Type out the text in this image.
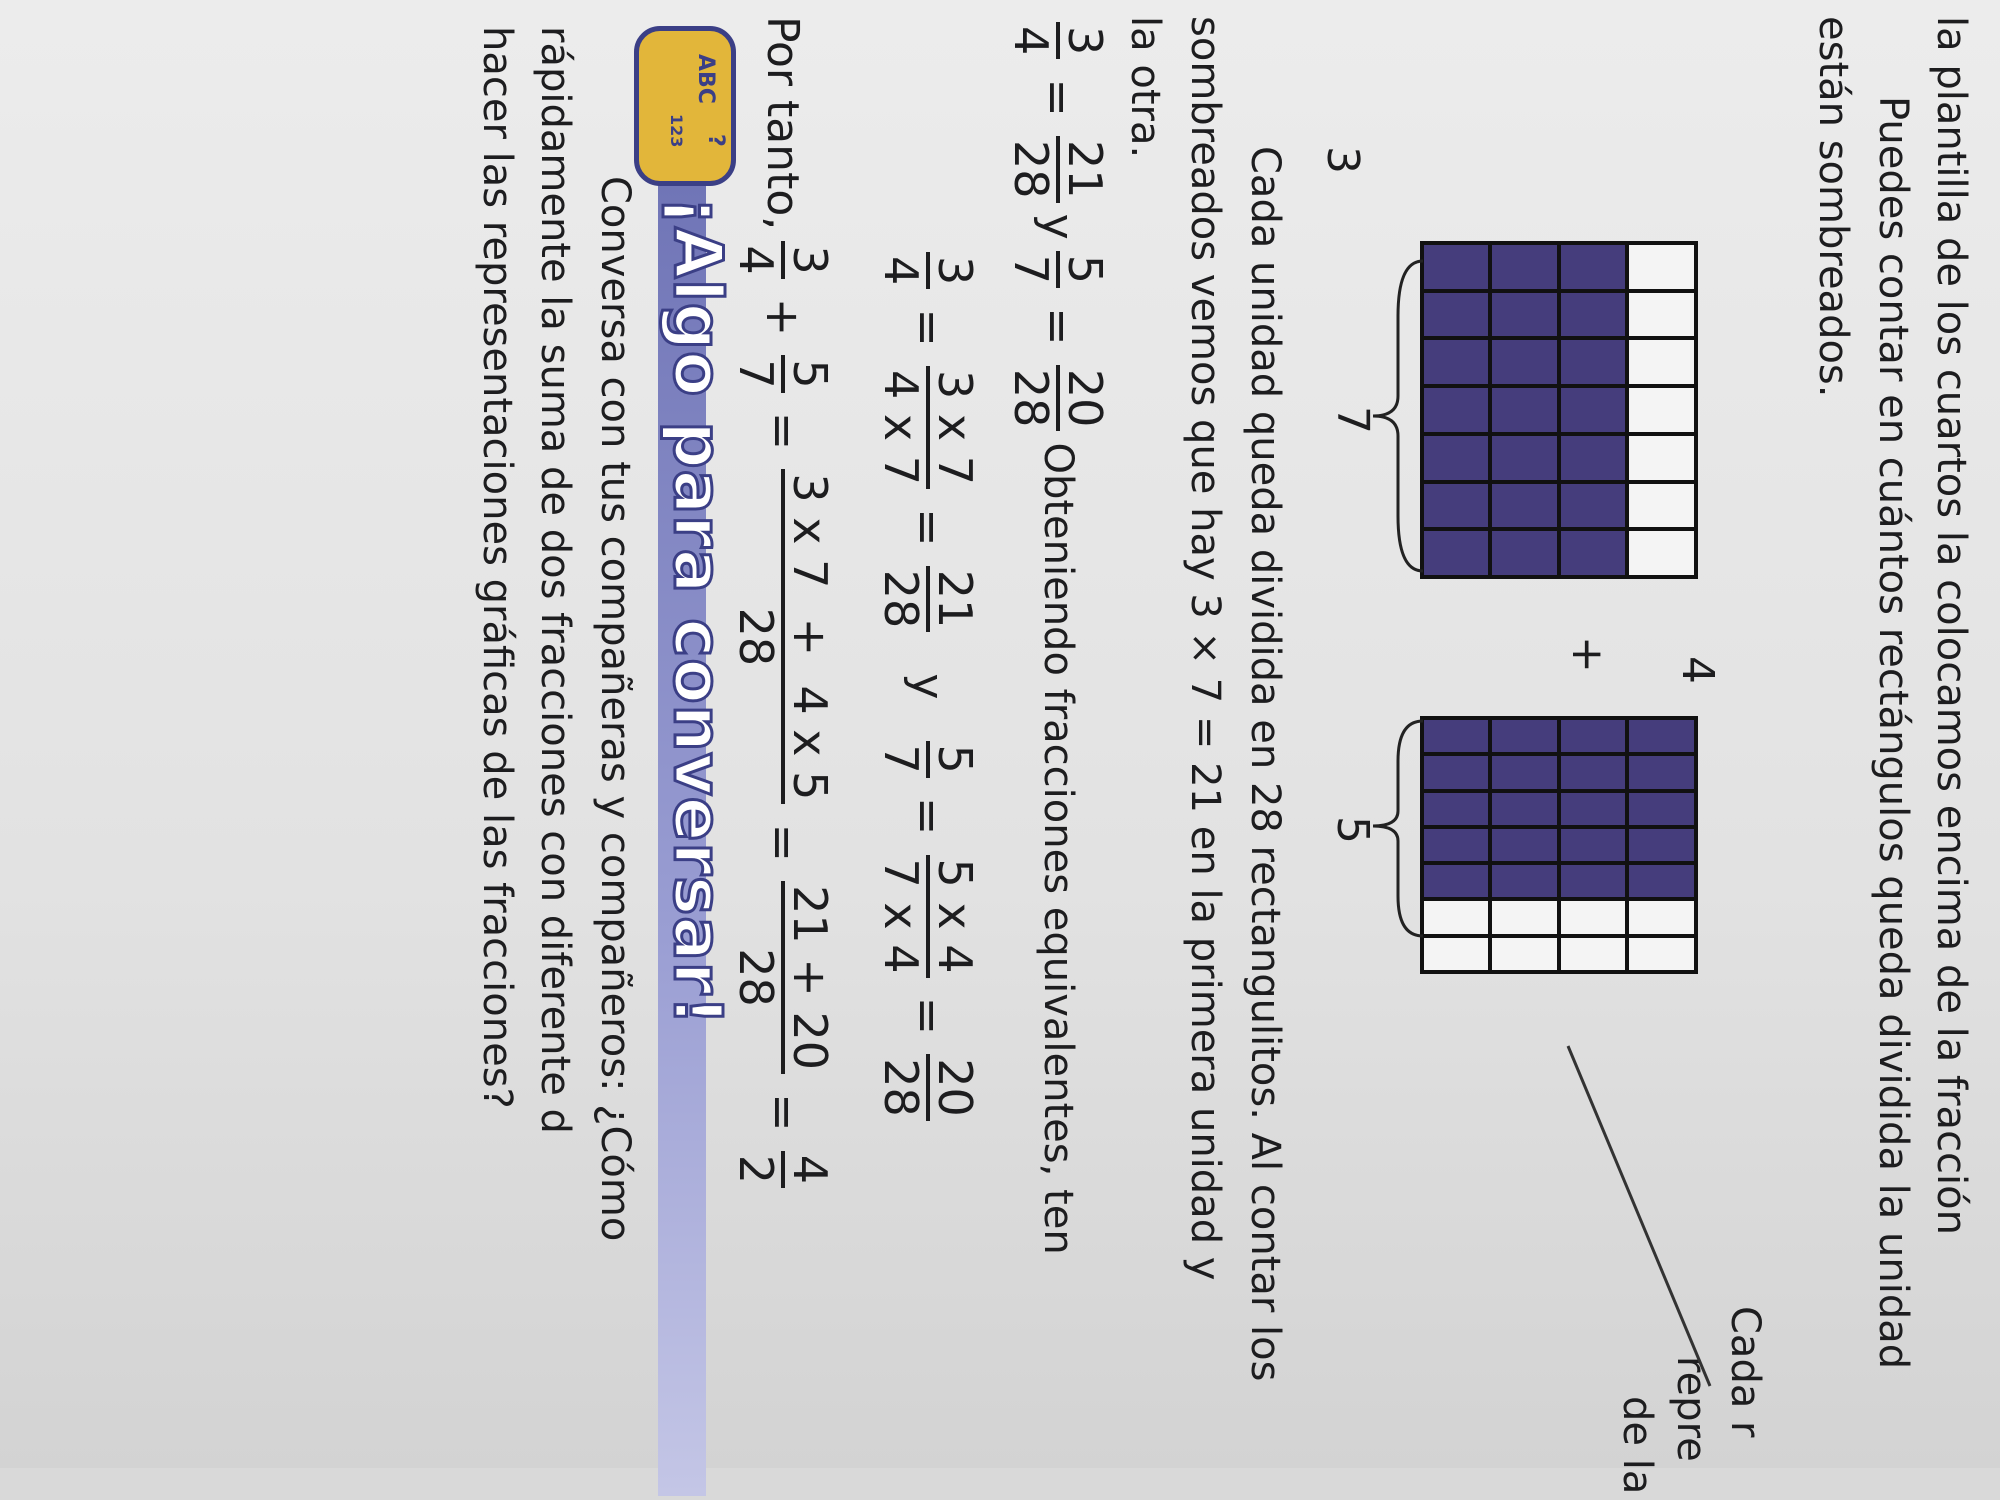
la plantilla de los cuartos la colocamos encima de la fracción
Puedes contar en cuántos rectángulos queda dividida la unidad
están sombreados.
Cada r
repre
de la
7
+
5
4
3
Cada unidad queda dividida en 28 rectangulitos. Al contar los
sombreados vemos que hay 3 × 7 = 21 en la primera unidad y
la otra.
3
4
=
21
28
y
5
7
=
20
28
Obteniendo fracciones equivalentes, ten
3
4
=
3 x 7
4 x 7
=
21
28
y
5
7
=
5 x 4
7 x 4
=
20
28
Por tanto,
3
4
+
5
7
=
3 x 7  +  4 x 5
28
=
21 + 20
28
=
4
2
ABC
123 ?
¡Algo para conversar!
Conversa con tus compañeras y compañeros: ¿Cómo
rápidamente la suma de dos fracciones con diferente d
hacer las representaciones gráficas de las fracciones?
